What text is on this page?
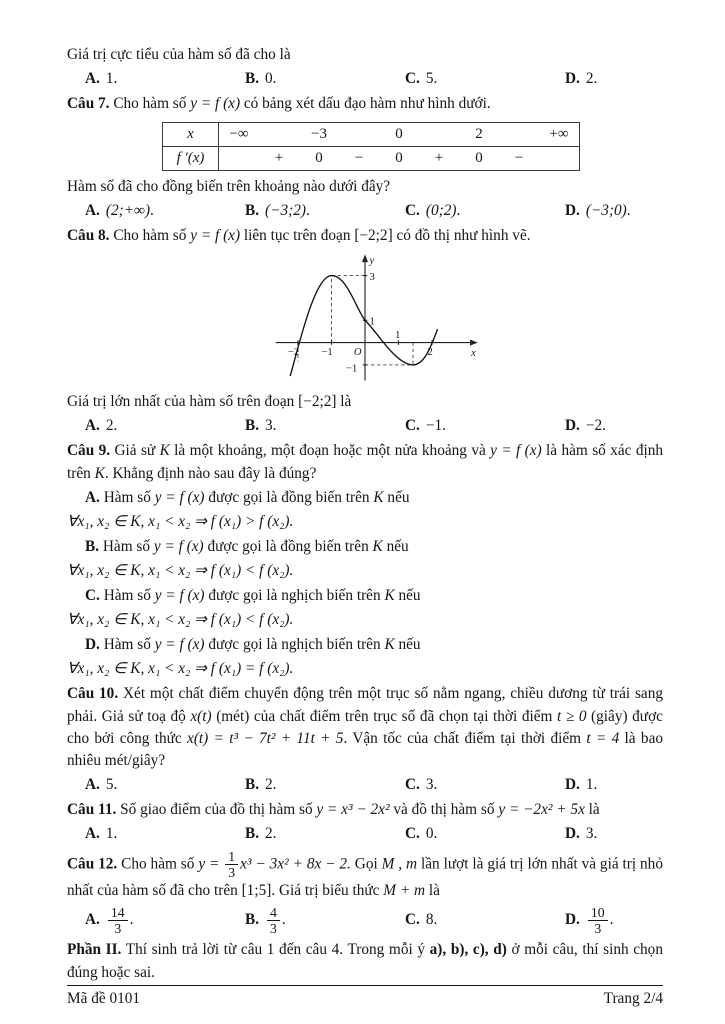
Giá trị cực tiểu của hàm số đã cho là

A. 1.	B. 0.	C. 5.	D. 2.

Câu 7. Cho hàm số y = f (x) có bảng xét dấu đạo hàm như hình dưới.

x	−∞	−3	0	2	+∞
f ′(x)	+	0	−	0	+	0	−

Hàm số đã cho đồng biến trên khoảng nào dưới đây?

A. (2;+∞).	B. (−3;2).	C. (0;2).	D. (−3;0).

Câu 8. Cho hàm số y = f (x) liên tục trên đoạn [−2;2] có đồ thị như hình vẽ.

y
x
3
1
−1
−2 −1 O
1
2

Giá trị lớn nhất của hàm số trên đoạn [−2;2] là

A. 2.	B. 3.	C. −1.	D. −2.

Câu 9. Giả sử K là một khoảng, một đoạn hoặc một nửa khoảng và y = f (x) là hàm số xác định trên K. Khẳng định nào sau đây là đúng?

A. Hàm số y = f (x) được gọi là đồng biến trên K nếu

∀x₁, x₂ ∈ K, x₁ < x₂ ⇒ f (x₁) > f (x₂).

B. Hàm số y = f (x) được gọi là đồng biến trên K nếu

∀x₁, x₂ ∈ K, x₁ < x₂ ⇒ f (x₁) < f (x₂).

C. Hàm số y = f (x) được gọi là nghịch biến trên K nếu

∀x₁, x₂ ∈ K, x₁ < x₂ ⇒ f (x₁) < f (x₂).

D. Hàm số y = f (x) được gọi là nghịch biến trên K nếu

∀x₁, x₂ ∈ K, x₁ < x₂ ⇒ f (x₁) = f (x₂).

Câu 10. Xét một chất điểm chuyển động trên một trục số nằm ngang, chiều dương từ trái sang phải. Giả sử toạ độ x(t) (mét) của chất điểm trên trục số đã chọn tại thời điểm t ≥ 0 (giây) được cho bởi công thức x(t) = t³ − 7t² + 11t + 5. Vận tốc của chất điểm tại thời điểm t = 4 là bao nhiêu mét/giây?

A. 5.	B. 2.	C. 3.	D. 1.

Câu 11. Số giao điểm của đồ thị hàm số y = x³ − 2x² và đồ thị hàm số y = −2x² + 5x là

A. 1.	B. 2.	C. 0.	D. 3.

Câu 12. Cho hàm số $y = \frac{1}{3} x^3 - 3x^2 + 8x - 2$. Gọi M , m lần lượt là giá trị lớn nhất và giá trị nhỏ nhất của hàm số đã cho trên [1;5]. Giá trị biểu thức M + m là

A. $\frac{14}{3}$ .	B. $\frac{4}{3}$ .	C. 8.	D. $\frac{10}{3}$ .

Phần II. Thí sinh trả lời từ câu 1 đến câu 4. Trong mỗi ý a), b), c), d) ở mỗi câu, thí sinh chọn đúng hoặc sai.

Mã đề 0101	Trang 2/4
